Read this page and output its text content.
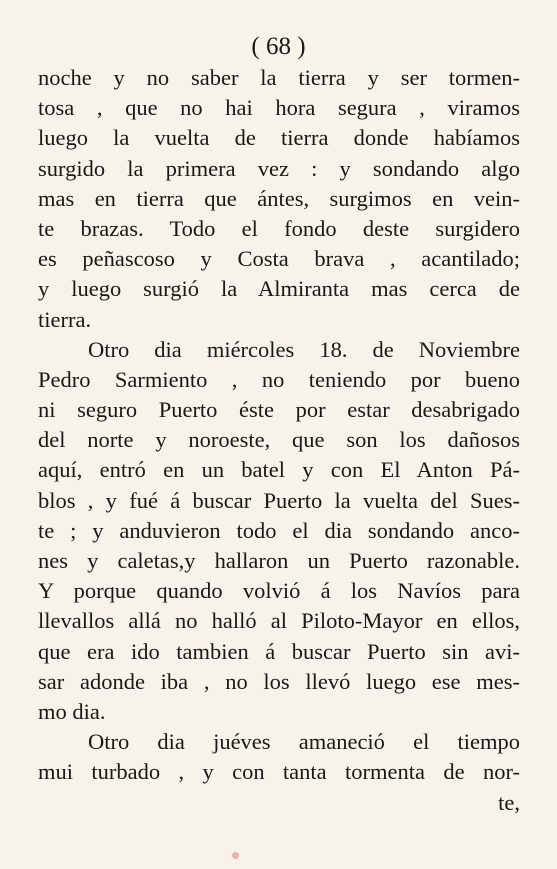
( 68 )
noche y no saber la tierra y ser tormen-
tosa , que no hai hora segura , viramos
luego la vuelta de tierra donde habíamos
surgido la primera vez : y sondando algo
mas en tierra que ántes, surgimos en vein-
te brazas. Todo el fondo deste surgidero
es peñascoso y Costa brava , acantilado;
y luego surgió la Almiranta mas cerca de
tierra.
Otro dia miércoles 18. de Noviembre
Pedro Sarmiento , no teniendo por bueno
ni seguro Puerto éste por estar desabrigado
del norte y noroeste, que son los dañosos
aquí, entró en un batel y con El Anton Pá-
blos , y fué á buscar Puerto la vuelta del Sues-
te ; y anduvieron todo el dia sondando anco-
nes y caletas,y hallaron un Puerto razonable.
Y porque quando volvió á los Navíos para
llevallos allá no halló al Piloto-Mayor en ellos,
que era ido tambien á buscar Puerto sin avi-
sar adonde iba , no los llevó luego ese mes-
mo dia.
Otro dia juéves amaneció el tiempo
mui turbado , y con tanta tormenta de nor-
te,
